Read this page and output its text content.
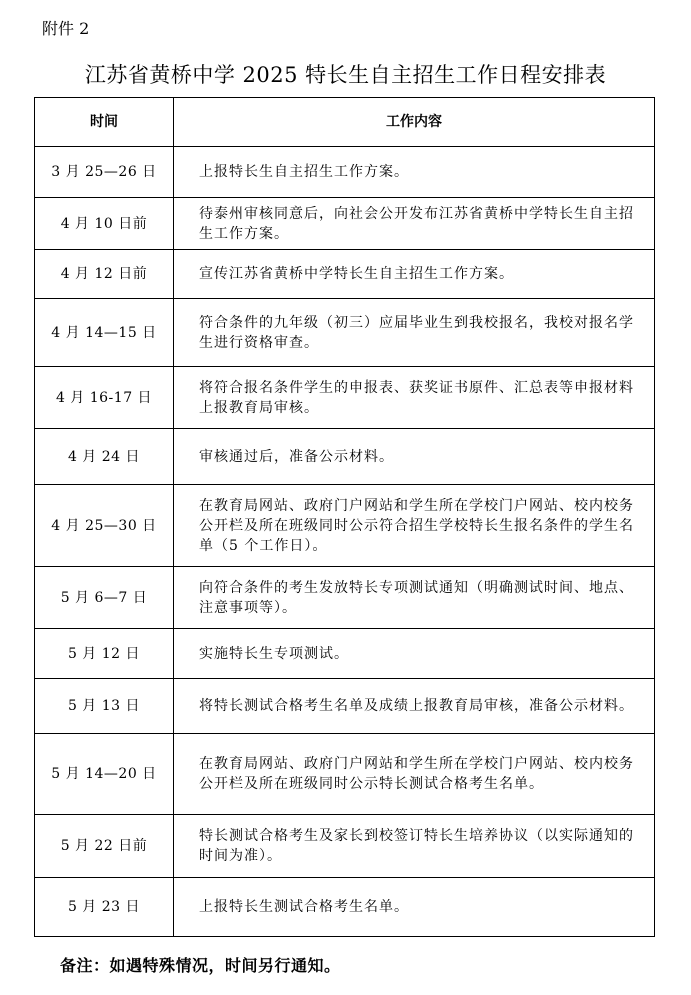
附件 2
江苏省黄桥中学 2025 特长生自主招生工作日程安排表
时间	工作内容
3 月 25—26 日	上报特长生自主招生工作方案。
4 月 10 日前	待泰州审核同意后，向社会公开发布江苏省黄桥中学特长生自主招生工作方案。
4 月 12 日前	宣传江苏省黄桥中学特长生自主招生工作方案。
4 月 14—15 日	符合条件的九年级（初三）应届毕业生到我校报名，我校对报名学生进行资格审查。
4 月 16-17 日	将符合报名条件学生的申报表、获奖证书原件、汇总表等申报材料上报教育局审核。
4 月 24 日	审核通过后，准备公示材料。
4 月 25—30 日	在教育局网站、政府门户网站和学生所在学校门户网站、校内校务公开栏及所在班级同时公示符合招生学校特长生报名条件的学生名单（5 个工作日）。
5 月 6—7 日	向符合条件的考生发放特长专项测试通知（明确测试时间、地点、注意事项等）。
5 月 12 日	实施特长生专项测试。
5 月 13 日	将特长测试合格考生名单及成绩上报教育局审核，准备公示材料。
5 月 14—20 日	在教育局网站、政府门户网站和学生所在学校门户网站、校内校务公开栏及所在班级同时公示特长测试合格考生名单。
5 月 22 日前	特长测试合格考生及家长到校签订特长生培养协议（以实际通知的时间为准）。
5 月 23 日	上报特长生测试合格考生名单。
备注：如遇特殊情况，时间另行通知。
